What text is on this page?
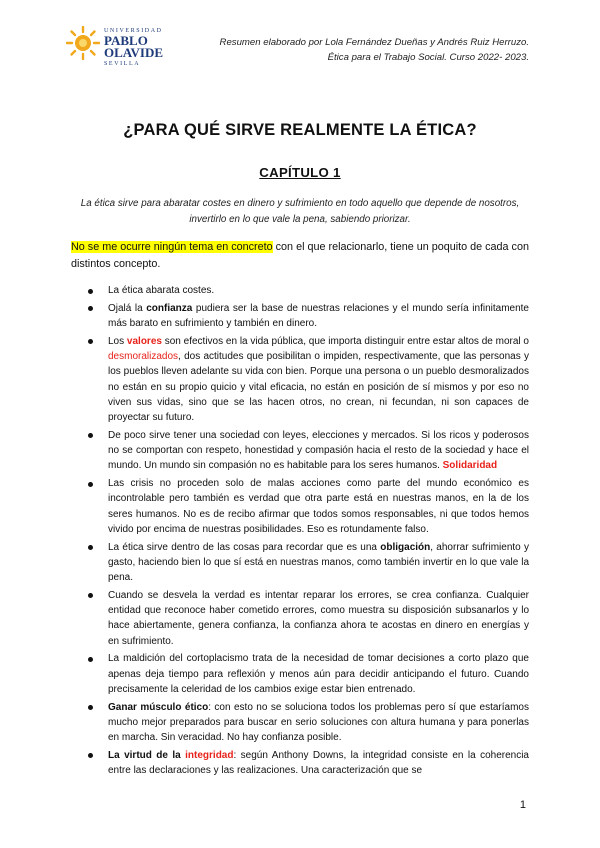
UNIVERSIDAD
PABLO
OLAVIDE
SEVILLA
Resumen elaborado por Lola Fernández Dueñas y Andrés Ruiz Herruzo.
Ética para el Trabajo Social. Curso 2022- 2023.
¿PARA QUÉ SIRVE REALMENTE LA ÉTICA?
CAPÍTULO 1

La ética sirve para abaratar costes en dinero y sufrimiento en todo aquello que depende de nosotros, invertirlo en lo que vale la pena, sabiendo priorizar.

No se me ocurre ningún tema en concreto con el que relacionarlo, tiene un poquito de cada con distintos concepto.

La ética abarata costes.
Ojalá la confianza pudiera ser la base de nuestras relaciones y el mundo sería infinitamente más barato en sufrimiento y también en dinero.
Los valores son efectivos en la vida pública, que importa distinguir entre estar altos de moral o desmoralizados, dos actitudes que posibilitan o impiden, respectivamente, que las personas y los pueblos lleven adelante su vida con bien. Porque una persona o un pueblo desmoralizados no están en su propio quicio y vital eficacia, no están en posición de sí mismos y por eso no viven sus vidas, sino que se las hacen otros, no crean, ni fecundan, ni son capaces de proyectar su futuro.
De poco sirve tener una sociedad con leyes, elecciones y mercados. Si los ricos y poderosos no se comportan con respeto, honestidad y compasión hacia el resto de la sociedad y hace el mundo. Un mundo sin compasión no es habitable para los seres humanos. Solidaridad
Las crisis no proceden solo de malas acciones como parte del mundo económico es incontrolable pero también es verdad que otra parte está en nuestras manos, en la de los seres humanos. No es de recibo afirmar que todos somos responsables, ni que todos hemos vivido por encima de nuestras posibilidades. Eso es rotundamente falso.
La ética sirve dentro de las cosas para recordar que es una obligación, ahorrar sufrimiento y gasto, haciendo bien lo que sí está en nuestras manos, como también invertir en lo que vale la pena.
Cuando se desvela la verdad es intentar reparar los errores, se crea confianza. Cualquier entidad que reconoce haber cometido errores, como muestra su disposición subsanarlos y lo hace abiertamente, genera confianza, la confianza ahora te acostas en dinero en energías y en sufrimiento.
La maldición del cortoplacismo trata de la necesidad de tomar decisiones a corto plazo que apenas deja tiempo para reflexión y menos aún para decidir anticipando el futuro. Cuando precisamente la celeridad de los cambios exige estar bien entrenado.
Ganar músculo ético: con esto no se soluciona todos los problemas pero sí que estaríamos mucho mejor preparados para buscar en serio soluciones con altura humana y para ponerlas en marcha. Sin veracidad. No hay confianza posible.
La virtud de la integridad: según Anthony Downs, la integridad consiste en la coherencia entre las declaraciones y las realizaciones. Una caracterización que se
1
